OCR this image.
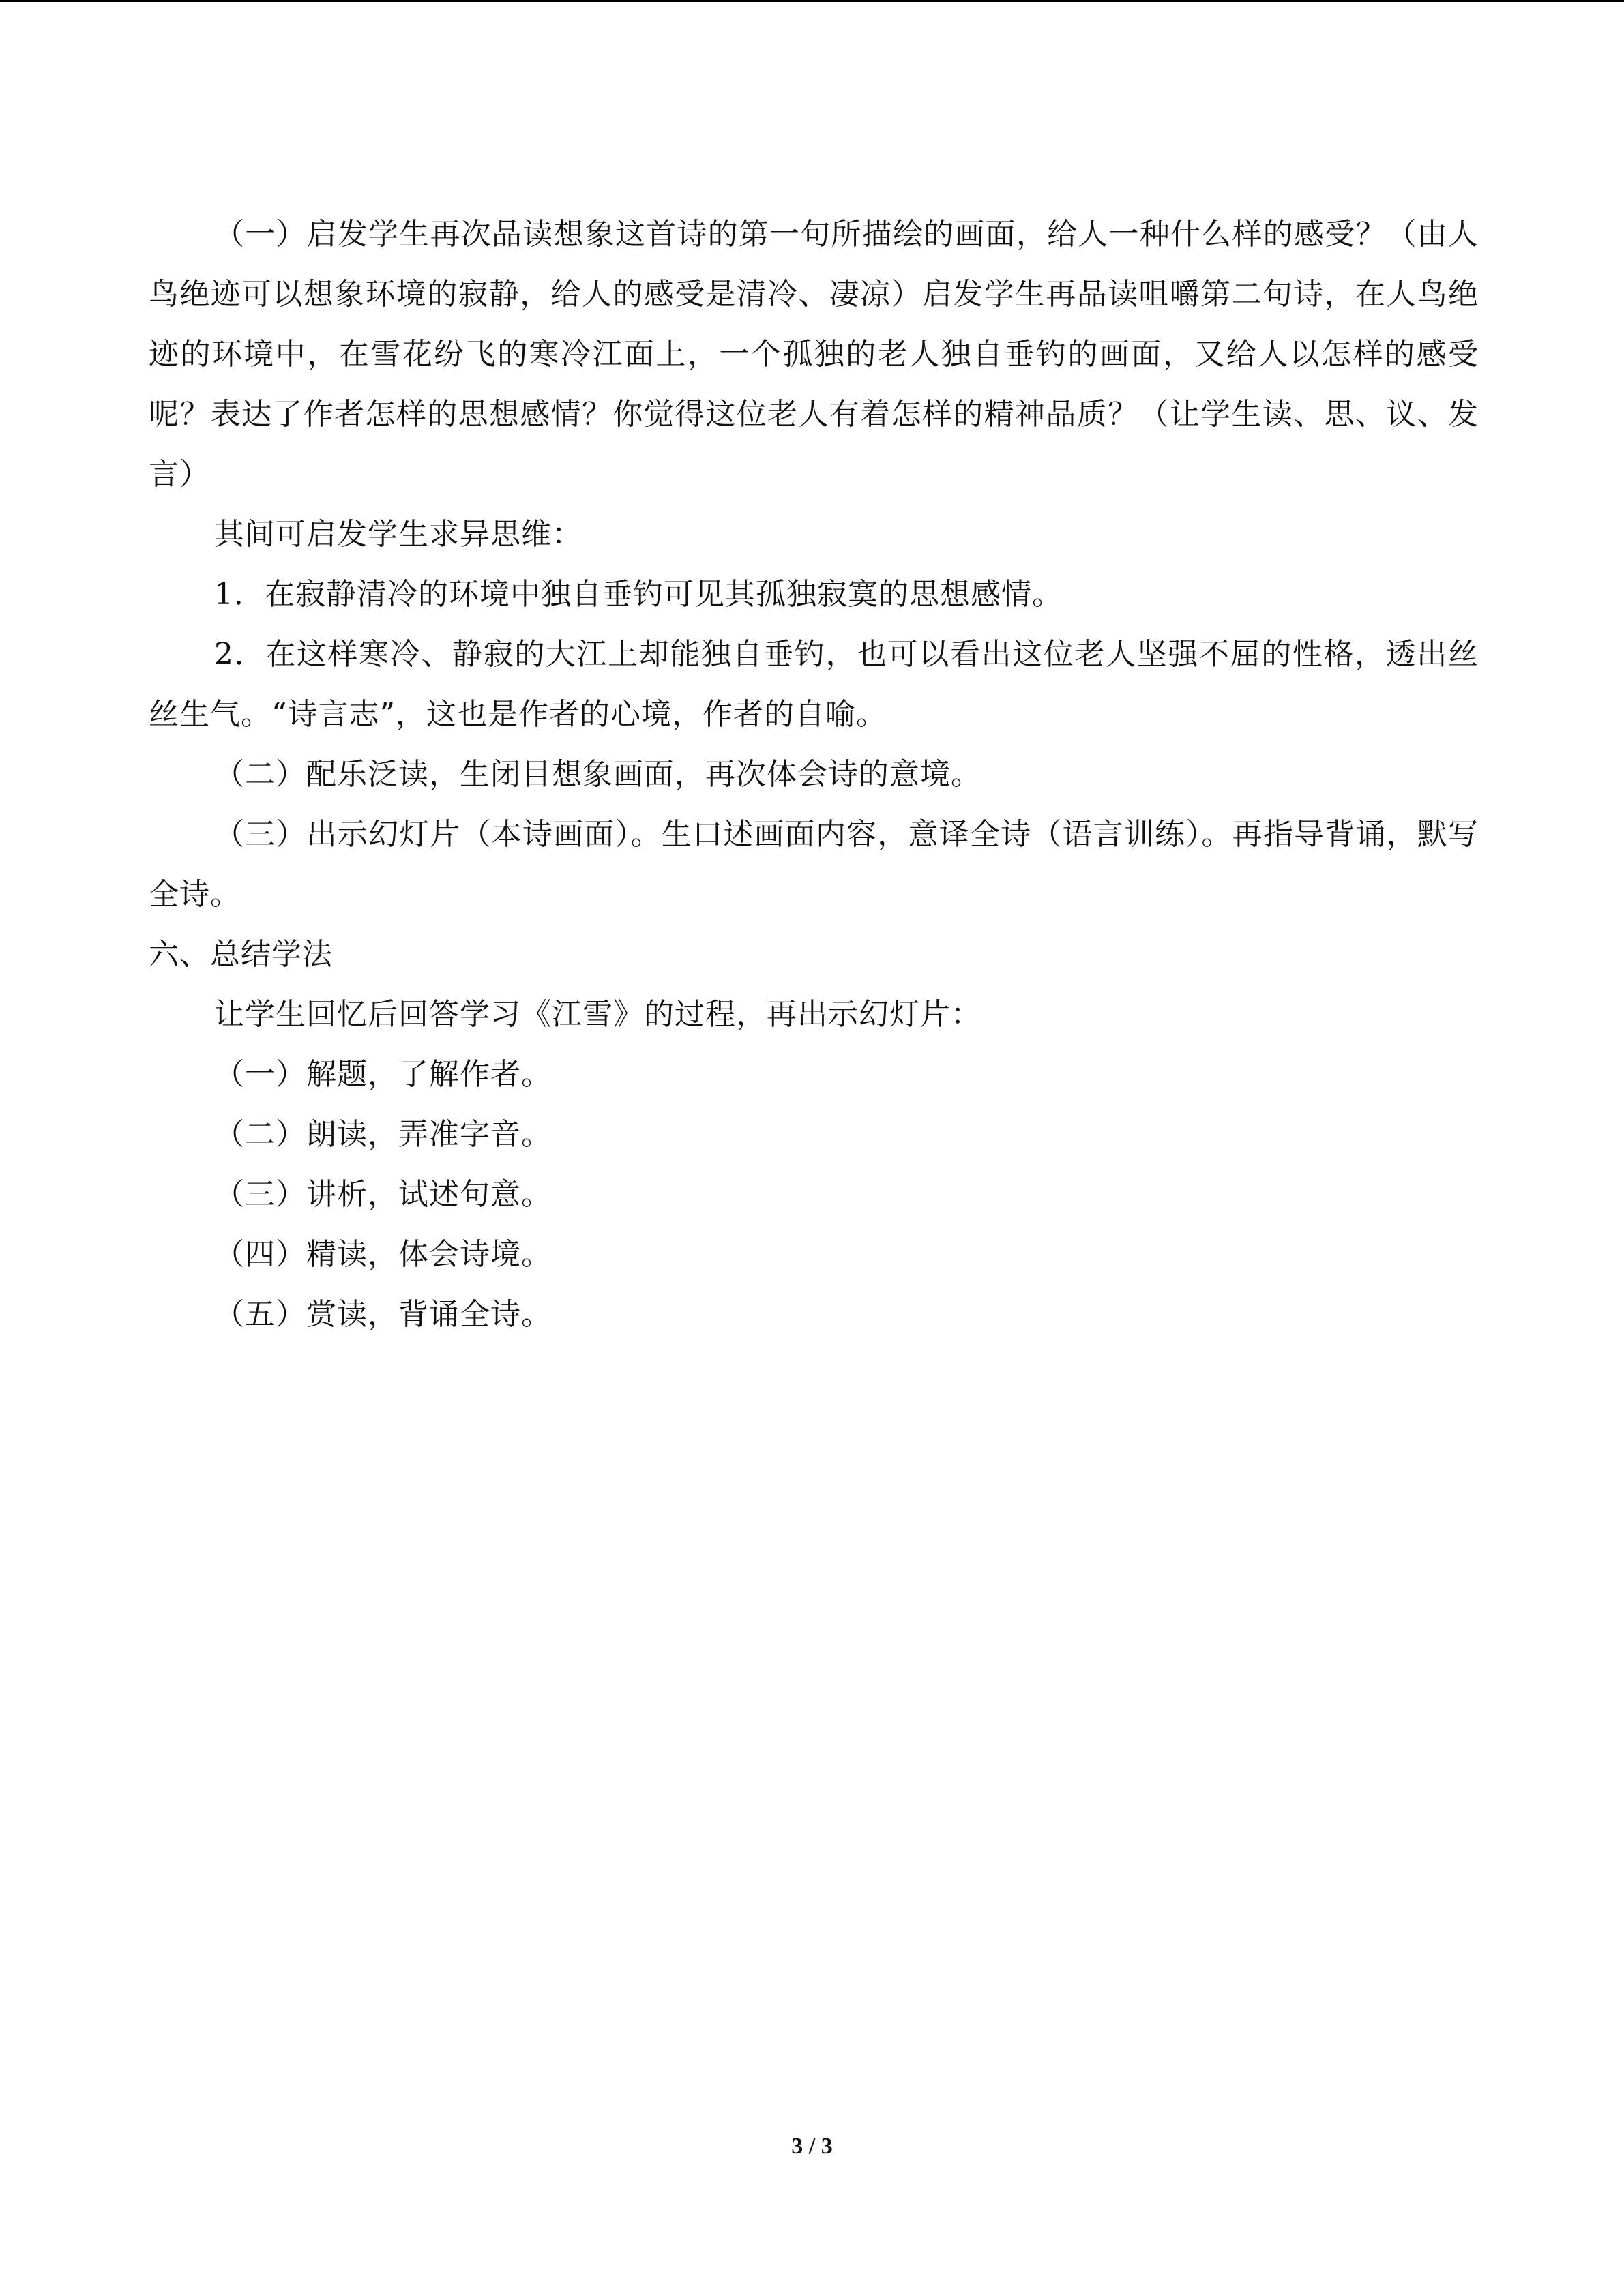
（一）启发学生再次品读想象这首诗的第一句所描绘的画面，给人一种什么样的感受？（由人鸟绝迹可以想象环境的寂静，给人的感受是清冷、凄凉）启发学生再品读咀嚼第二句诗，在人鸟绝迹的环境中，在雪花纷飞的寒冷江面上，一个孤独的老人独自垂钓的画面，又给人以怎样的感受呢？表达了作者怎样的思想感情？你觉得这位老人有着怎样的精神品质？（让学生读、思、议、发言）

其间可启发学生求异思维：

1．在寂静清冷的环境中独自垂钓可见其孤独寂寞的思想感情。

2．在这样寒冷、静寂的大江上却能独自垂钓，也可以看出这位老人坚强不屈的性格，透出丝丝生气。“诗言志”，这也是作者的心境，作者的自喻。

（二）配乐泛读，生闭目想象画面，再次体会诗的意境。

（三）出示幻灯片（本诗画面）。生口述画面内容，意译全诗（语言训练）。再指导背诵，默写全诗。

六、总结学法

让学生回忆后回答学习《江雪》的过程，再出示幻灯片：

（一）解题，了解作者。

（二）朗读，弄准字音。

（三）讲析，试述句意。

（四）精读，体会诗境。

（五）赏读，背诵全诗。

3 / 3
